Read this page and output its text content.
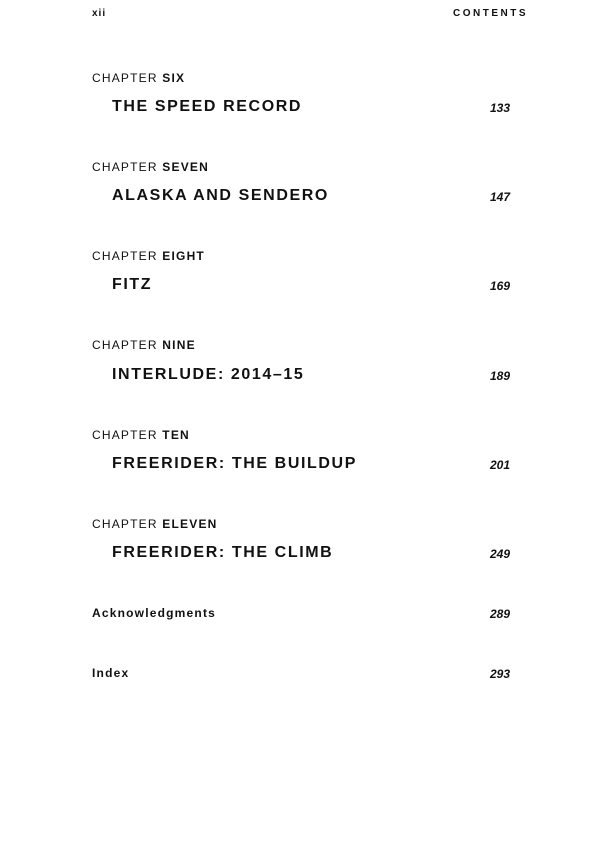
xii	CONTENTS
CHAPTER SIX
THE SPEED RECORD	133
CHAPTER SEVEN
ALASKA AND SENDERO	147
CHAPTER EIGHT
FITZ	169
CHAPTER NINE
INTERLUDE: 2014–15	189
CHAPTER TEN
FREERIDER: THE BUILDUP	201
CHAPTER ELEVEN
FREERIDER: THE CLIMB	249
Acknowledgments	289
Index	293
